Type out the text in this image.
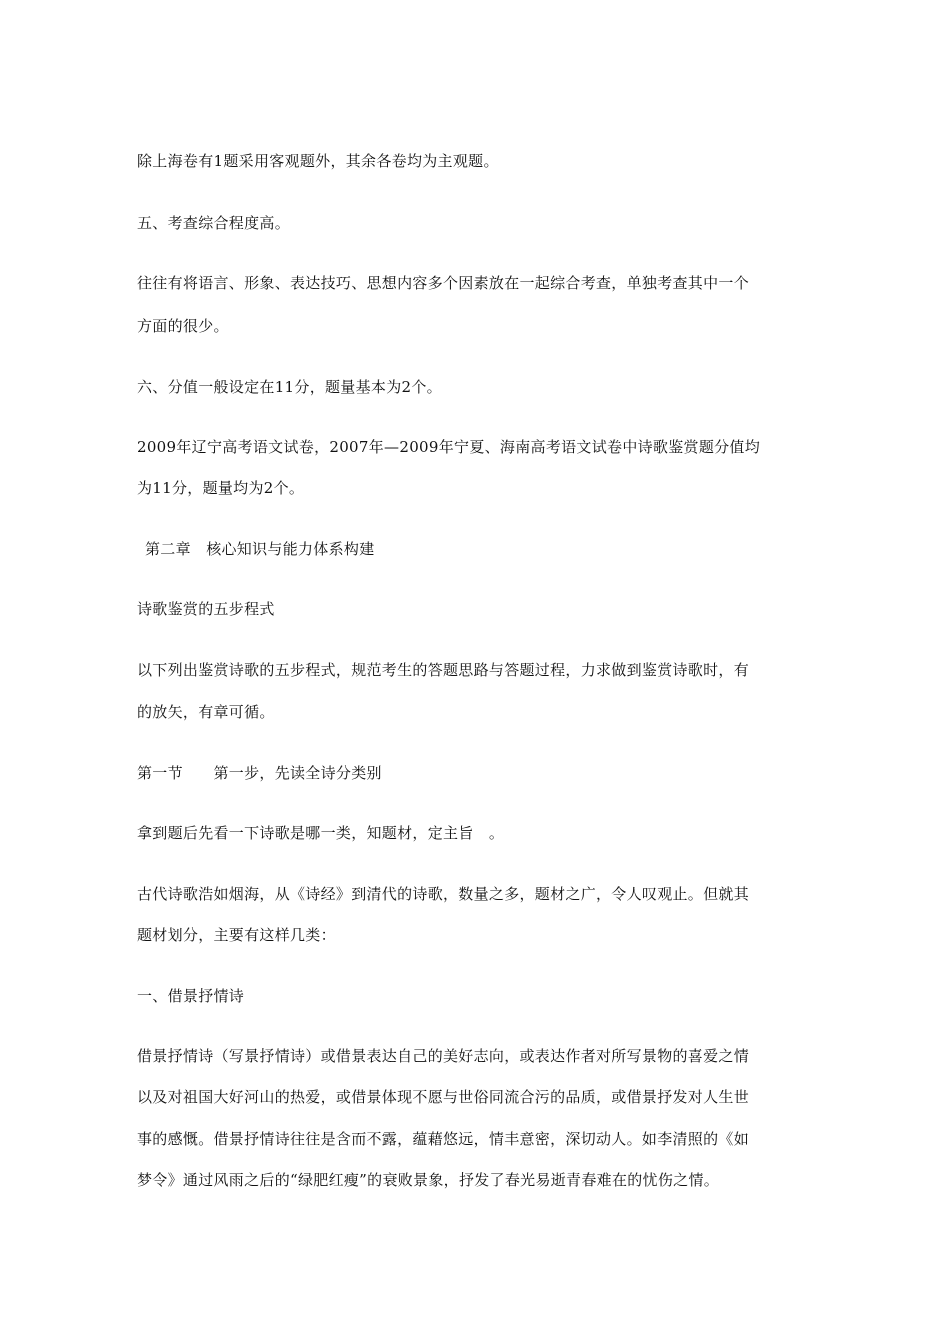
除上海卷有1题采用客观题外，其余各卷均为主观题。
五、考查综合程度高。
往往有将语言、形象、表达技巧、思想内容多个因素放在一起综合考查，单独考查其中一个
方面的很少。
六、分值一般设定在11分，题量基本为2个。
2009年辽宁高考语文试卷，2007年—2009年宁夏、海南高考语文试卷中诗歌鉴赏题分值均
为11分，题量均为2个。
第二章　核心知识与能力体系构建
诗歌鉴赏的五步程式
以下列出鉴赏诗歌的五步程式，规范考生的答题思路与答题过程，力求做到鉴赏诗歌时，有
的放矢，有章可循。
第一节　　第一步，先读全诗分类别
拿到题后先看一下诗歌是哪一类，知题材，定主旨　。
古代诗歌浩如烟海，从《诗经》到清代的诗歌，数量之多，题材之广，令人叹观止。但就其
题材划分，主要有这样几类：
一、借景抒情诗
借景抒情诗（写景抒情诗）或借景表达自己的美好志向，或表达作者对所写景物的喜爱之情
以及对祖国大好河山的热爱，或借景体现不愿与世俗同流合污的品质，或借景抒发对人生世
事的感慨。借景抒情诗往往是含而不露，蕴藉悠远，情丰意密，深切动人。如李清照的《如
梦令》通过风雨之后的“绿肥红瘦”的衰败景象，抒发了春光易逝青春难在的忧伤之情。
